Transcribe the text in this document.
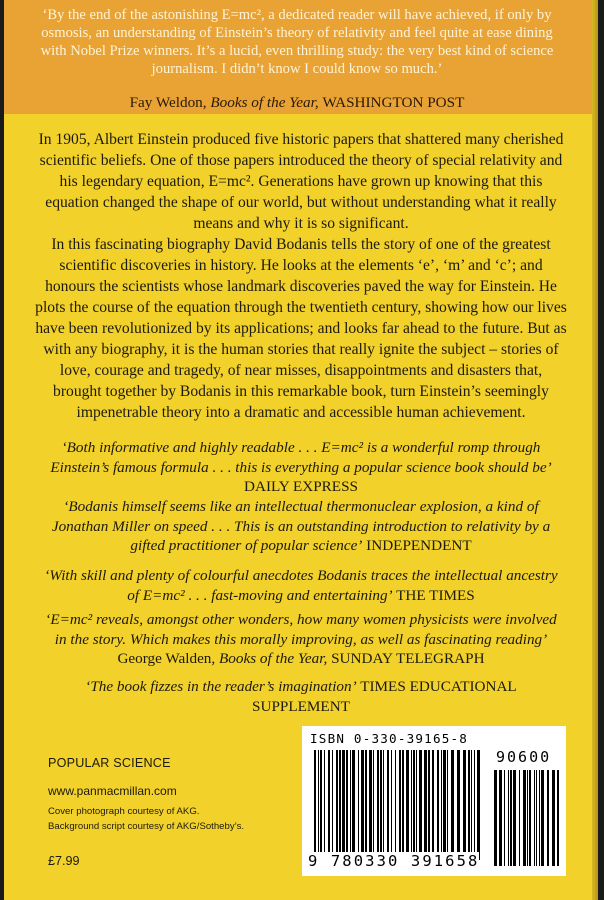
‘By the end of the astonishing E=mc², a dedicated reader will have achieved, if only by osmosis, an understanding of Einstein’s theory of relativity and feel quite at ease dining with Nobel Prize winners. It’s a lucid, even thrilling study: the very best kind of science journalism. I didn’t know I could know so much.’
Fay Weldon, Books of the Year, WASHINGTON POST

In 1905, Albert Einstein produced five historic papers that shattered many cherished scientific beliefs. One of those papers introduced the theory of special relativity and his legendary equation, E=mc². Generations have grown up knowing that this equation changed the shape of our world, but without understanding what it really means and why it is so significant.

In this fascinating biography David Bodanis tells the story of one of the greatest scientific discoveries in history. He looks at the elements ‘e’, ‘m’ and ‘c’; and honours the scientists whose landmark discoveries paved the way for Einstein. He plots the course of the equation through the twentieth century, showing how our lives have been revolutionized by its applications; and looks far ahead to the future. But as with any biography, it is the human stories that really ignite the subject – stories of love, courage and tragedy, of near misses, disappointments and disasters that, brought together by Bodanis in this remarkable book, turn Einstein’s seemingly impenetrable theory into a dramatic and accessible human achievement.

‘Both informative and highly readable . . . E=mc² is a wonderful romp through Einstein’s famous formula . . . this is everything a popular science book should be’ DAILY EXPRESS

‘Bodanis himself seems like an intellectual thermonuclear explosion, a kind of Jonathan Miller on speed . . . This is an outstanding introduction to relativity by a gifted practitioner of popular science’ INDEPENDENT

‘With skill and plenty of colourful anecdotes Bodanis traces the intellectual ancestry of E=mc² . . . fast-moving and entertaining’ THE TIMES

‘E=mc² reveals, amongst other wonders, how many women physicists were involved in the story. Which makes this morally improving, as well as fascinating reading’ George Walden, Books of the Year, SUNDAY TELEGRAPH

‘The book fizzes in the reader’s imagination’ TIMES EDUCATIONAL SUPPLEMENT

POPULAR SCIENCE
www.panmacmillan.com
Cover photograph courtesy of AKG.
Background script courtesy of AKG/Sotheby’s.
£7.99
ISBN 0-330-39165-8
90600
9 780330 391658
